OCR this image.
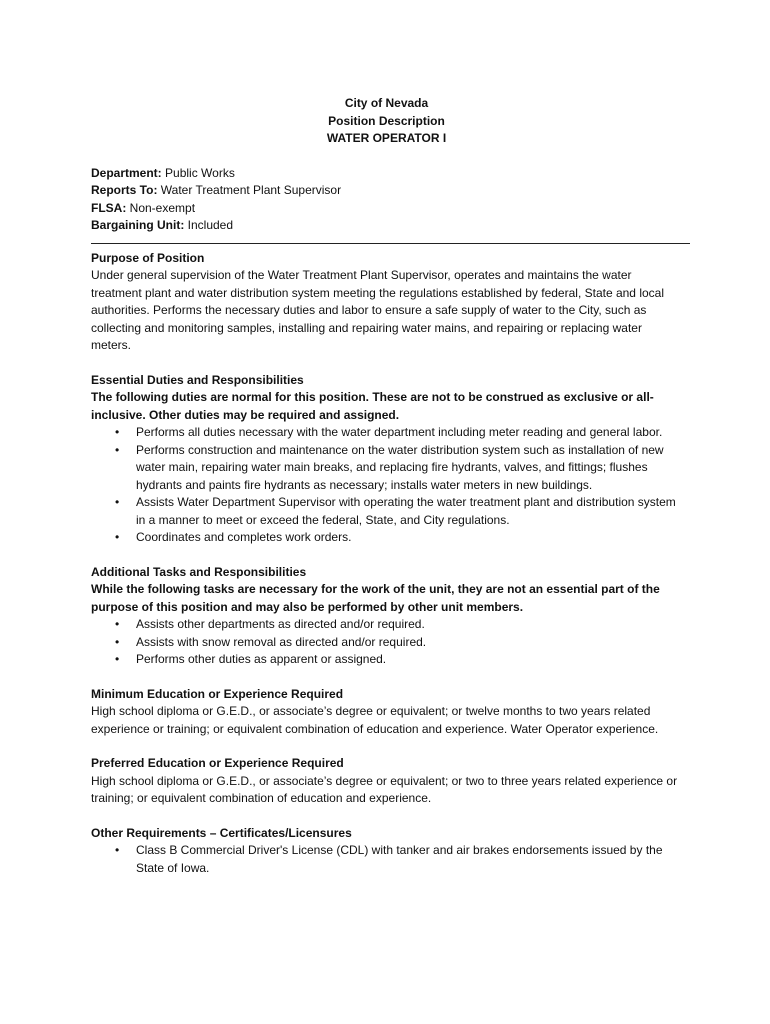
City of Nevada
Position Description
WATER OPERATOR I
Department: Public Works
Reports To: Water Treatment Plant Supervisor
FLSA: Non-exempt
Bargaining Unit: Included
Purpose of Position

Under general supervision of the Water Treatment Plant Supervisor, operates and maintains the water treatment plant and water distribution system meeting the regulations established by federal, State and local authorities. Performs the necessary duties and labor to ensure a safe supply of water to the City, such as collecting and monitoring samples, installing and repairing water mains, and repairing or replacing water meters.

Essential Duties and Responsibilities
The following duties are normal for this position. These are not to be construed as exclusive or all-inclusive. Other duties may be required and assigned.
• Performs all duties necessary with the water department including meter reading and general labor.
• Performs construction and maintenance on the water distribution system such as installation of new water main, repairing water main breaks, and replacing fire hydrants, valves, and fittings; flushes hydrants and paints fire hydrants as necessary; installs water meters in new buildings.
• Assists Water Department Supervisor with operating the water treatment plant and distribution system in a manner to meet or exceed the federal, State, and City regulations.
• Coordinates and completes work orders.
Additional Tasks and Responsibilities
While the following tasks are necessary for the work of the unit, they are not an essential part of the purpose of this position and may also be performed by other unit members.
• Assists other departments as directed and/or required.
• Assists with snow removal as directed and/or required.
• Performs other duties as apparent or assigned.
Minimum Education or Experience Required

High school diploma or G.E.D., or associate’s degree or equivalent; or twelve months to two years related experience or training; or equivalent combination of education and experience. Water Operator experience.

Preferred Education or Experience Required

High school diploma or G.E.D., or associate’s degree or equivalent; or two to three years related experience or training; or equivalent combination of education and experience.

Other Requirements – Certificates/Licensures
• Class B Commercial Driver's License (CDL) with tanker and air brakes endorsements issued by the State of Iowa.
